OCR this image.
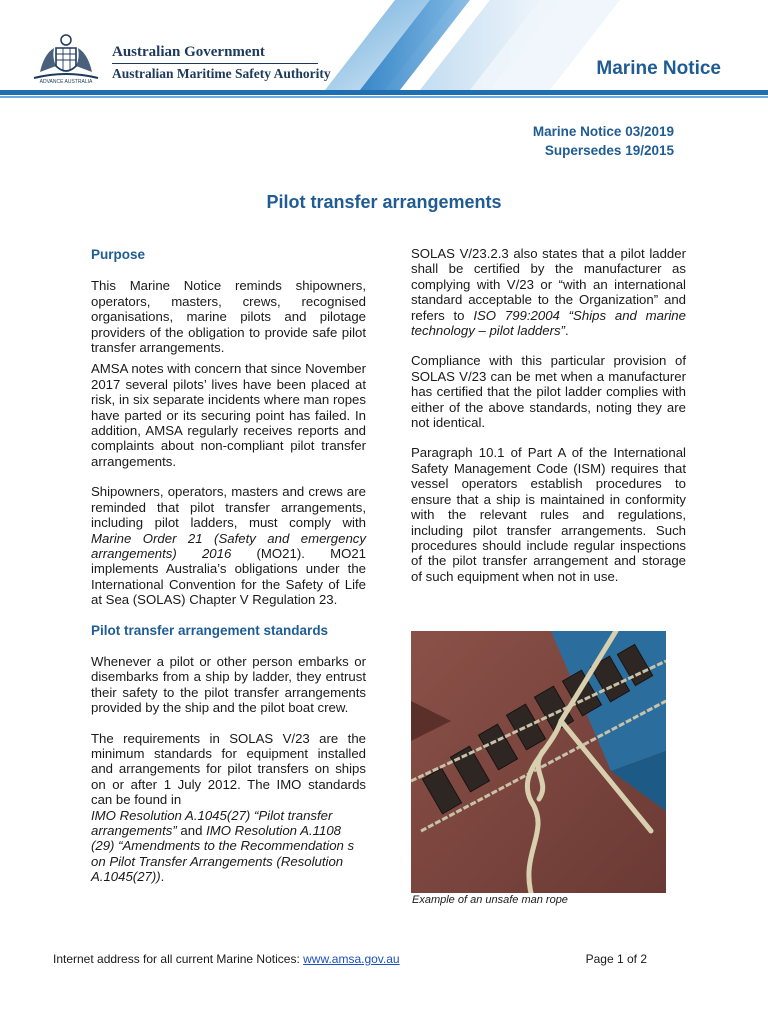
ADVANCE AUSTRALIA
Australian Government
Australian Maritime Safety Authority	Marine Notice
Marine Notice 03/2019
Supersedes 19/2015
Pilot transfer arrangements
Purpose

This Marine Notice reminds shipowners, operators, masters, crews, recognised organisations, marine pilots and pilotage providers of the obligation to provide safe pilot transfer arrangements.

AMSA notes with concern that since November 2017 several pilots’ lives have been placed at risk, in six separate incidents where man ropes have parted or its securing point has failed. In addition, AMSA regularly receives reports and complaints about non-compliant pilot transfer arrangements.

Shipowners, operators, masters and crews are reminded that pilot transfer arrangements, including pilot ladders, must comply with Marine Order 21 (Safety and emergency arrangements) 2016 (MO21). MO21 implements Australia’s obligations under the International Convention for the Safety of Life at Sea (SOLAS) Chapter V Regulation 23.

Pilot transfer arrangement standards

Whenever a pilot or other person embarks or disembarks from a ship by ladder, they entrust their safety to the pilot transfer arrangements provided by the ship and the pilot boat crew.

The requirements in SOLAS V/23 are the minimum standards for equipment installed and arrangements for pilot transfers on ships on or after 1 July 2012. The IMO standards can be found in

IMO Resolution A.1045(27) “Pilot transfer arrangements” and IMO Resolution A.1108 (29) “Amendments to the Recommendation s on Pilot Transfer Arrangements (Resolution A.1045(27)).

SOLAS V/23.2.3 also states that a pilot ladder shall be certified by the manufacturer as complying with V/23 or “with an international standard acceptable to the Organization” and refers to ISO 799:2004 “Ships and marine technology – pilot ladders”.

Compliance with this particular provision of SOLAS V/23 can be met when a manufacturer has certified that the pilot ladder complies with either of the above standards, noting they are not identical.

Paragraph 10.1 of Part A of the International Safety Management Code (ISM) requires that vessel operators establish procedures to ensure that a ship is maintained in conformity with the relevant rules and regulations, including pilot transfer arrangements. Such procedures should include regular inspections of the pilot transfer arrangement and storage of such equipment when not in use.

Example of an unsafe man rope
Internet address for all current Marine Notices: www.amsa.gov.au	Page 1 of 2
